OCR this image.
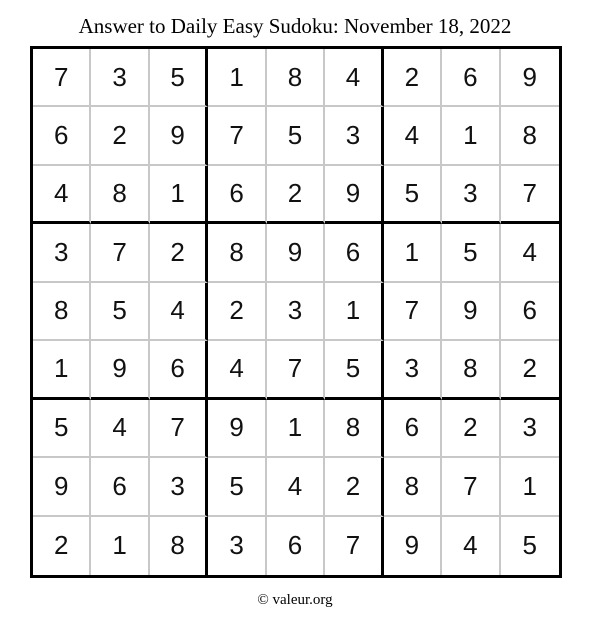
Answer to Daily Easy Sudoku: November 18, 2022
7	3	5	1	8	4	2	6	9
6	2	9	7	5	3	4	1	8
4	8	1	6	2	9	5	3	7
3	7	2	8	9	6	1	5	4
8	5	4	2	3	1	7	9	6
1	9	6	4	7	5	3	8	2
5	4	7	9	1	8	6	2	3
9	6	3	5	4	2	8	7	1
2	1	8	3	6	7	9	4	5
© valeur.org
